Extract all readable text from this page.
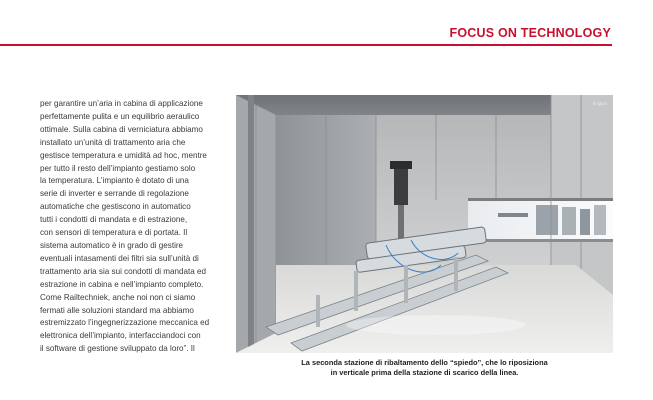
FOCUS ON TECHNOLOGY
per garantire un’aria in cabina di applicazione
perfettamente pulita e un equilibrio aeraulico
ottimale. Sulla cabina di verniciatura abbiamo
installato un’unità di trattamento aria che
gestisce temperatura e umidità ad hoc, mentre
per tutto il resto dell’impianto gestiamo solo
la temperatura. L’impianto è dotato di una
serie di inverter e serrande di regolazione
automatiche che gestiscono in automatico
tutti i condotti di mandata e di estrazione,
con sensori di temperatura e di portata. Il
sistema automatico è in grado di gestire
eventuali intasamenti dei filtri sia sull’unità di
trattamento aria sia sui condotti di mandata ed
estrazione in cabina e nell’impianto completo.
Come Railtechniek, anche noi non ci siamo
fermati alle soluzioni standard ma abbiamo
estremizzato l’ingegnerizzazione meccanica ed
elettronica dell’impianto, interfacciandoci con
il software di gestione sviluppato da loro”. Il
© ipcm
La seconda stazione di ribaltamento dello “spiedo”, che lo riposiziona
in verticale prima della stazione di scarico della linea.
